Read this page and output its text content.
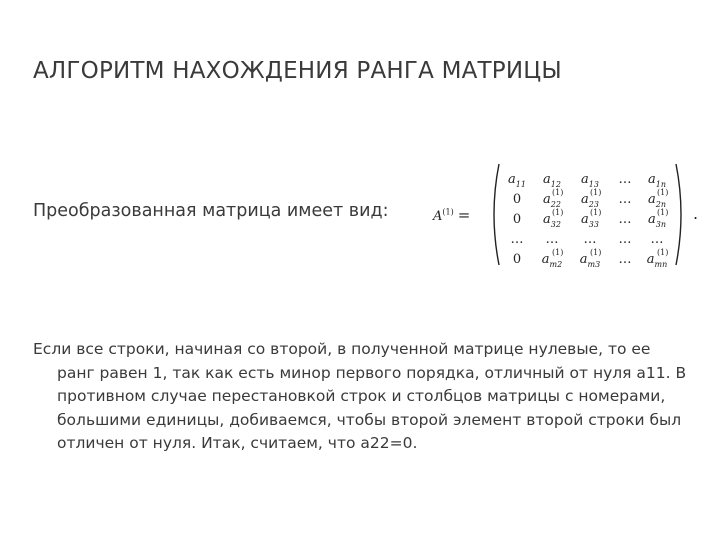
АЛГОРИТМ НАХОЖДЕНИЯ РАНГА МАТРИЦЫ
Преобразованная матрица имеет вид:	$A^{(1)}$ =
a 11 a 12 a 13 … a 1n
0 a 22
(1) a 23
(1) … a 2n
(1)
0 a 32
(1) a 33
(1) … a 3n
(1)
… … … … …
0 a m2
(1) a m3
(1) … a mn
(1)
.
Если все строки, начиная со второй, в полученной матрице нулевые, то ее ранг равен 1, так как есть минор первого порядка, отличный от нуля а11. В противном случае перестановкой строк и столбцов матрицы с номерами, большими единицы, добиваемся, чтобы второй элемент второй строки был отличен от нуля. Итак, считаем, что а22=0.
